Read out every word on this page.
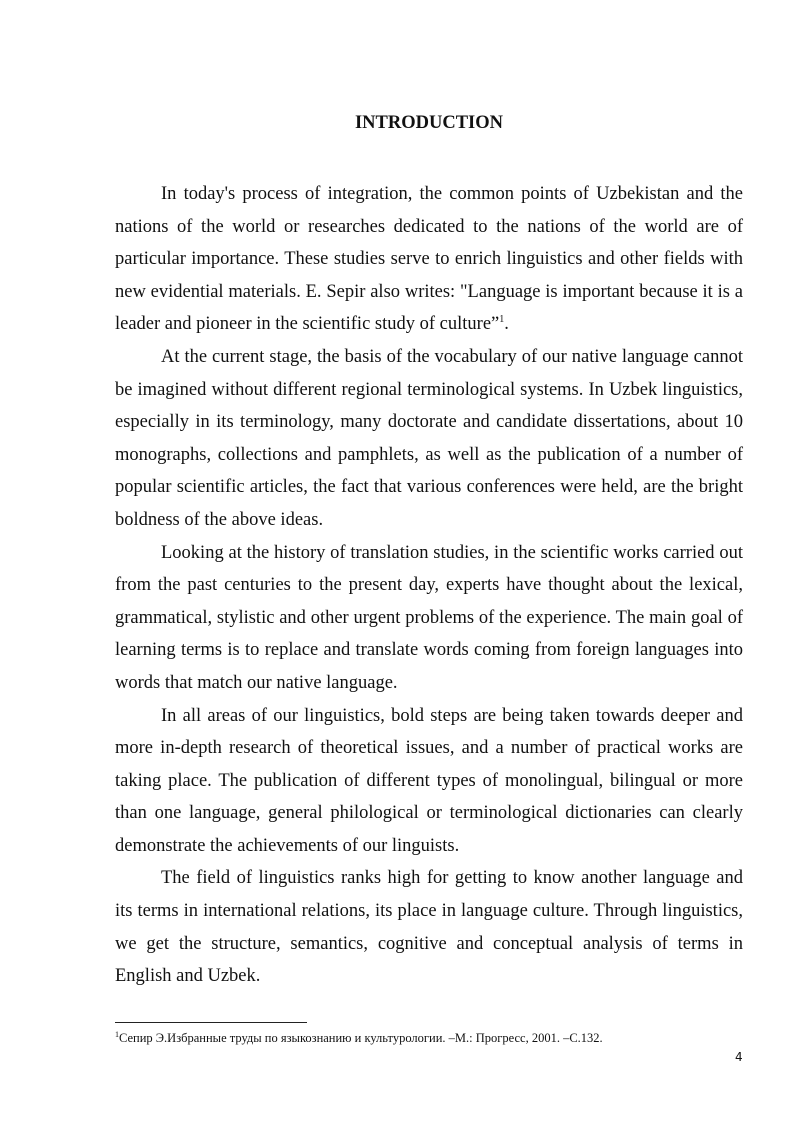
INTRODUCTION

In today's process of integration, the common points of Uzbekistan and the nations of the world or researches dedicated to the nations of the world are of particular importance. These studies serve to enrich linguistics and other fields with new evidential materials. E. Sepir also writes: "Language is important because it is a leader and pioneer in the scientific study of culture”$^1$.

At the current stage, the basis of the vocabulary of our native language cannot be imagined without different regional terminological systems. In Uzbek linguistics, especially in its terminology, many doctorate and candidate dissertations, about 10 monographs, collections and pamphlets, as well as the publication of a number of popular scientific articles, the fact that various conferences were held, are the bright boldness of the above ideas.

Looking at the history of translation studies, in the scientific works carried out from the past centuries to the present day, experts have thought about the lexical, grammatical, stylistic and other urgent problems of the experience. The main goal of learning terms is to replace and translate words coming from foreign languages into words that match our native language.

In all areas of our linguistics, bold steps are being taken towards deeper and more in-depth research of theoretical issues, and a number of practical works are taking place. The publication of different types of monolingual, bilingual or more than one language, general philological or terminological dictionaries can clearly demonstrate the achievements of our linguists.

The field of linguistics ranks high for getting to know another language and its terms in international relations, its place in language culture. Through linguistics, we get the structure, semantics, cognitive and conceptual analysis of terms in English and Uzbek.

$^1$Сепир Э.Избранные труды по языкознанию и культурологии. –М.: Прогресс, 2001. –С.132.

4
